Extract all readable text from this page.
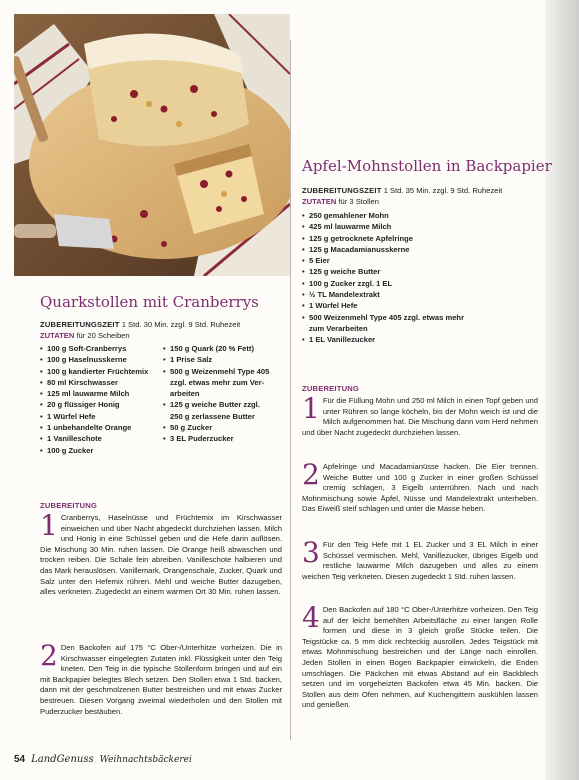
Quarkstollen mit Cranberrys
ZUBEREITUNGSZEIT 1 Std. 30 Min. zzgl. 9 Std. Ruhezeit
ZUTATEN für 20 Scheiben
• 100 g Soft-Cranberrys
• 100 g Haselnusskerne
• 100 g kandierter Früchtemix
• 80 ml Kirschwasser
• 125 ml lauwarme Milch
• 20 g flüssiger Honig
• 1 Würfel Hefe
• 1 unbehandelte Orange
• 1 Vanilleschote
• 100 g Zucker
• 150 g Quark (20 % Fett)
• 1 Prise Salz
• 500 g Weizenmehl Type 405
zzgl. etwas mehr zum Ver-
arbeiten
• 125 g weiche Butter zzgl.
250 g zerlassene Butter
• 50 g Zucker
• 3 EL Puderzucker
ZUBEREITUNG
1 Cranberrys, Haselnüsse und Früchtemix im Kirschwasser einweichen und über Nacht abgedeckt durchziehen lassen. Milch und Honig in eine Schüssel geben und die Hefe darin auflösen. Die Mischung 30 Min. ruhen lassen. Die Orange heiß abwaschen und trocken reiben. Die Schale fein abreiben. Vanilleschote halbieren und das Mark herauslösen. Vanillemark, Orangenschale, Zucker, Quark und Salz unter den Hefemix rühren. Mehl und weiche Butter dazugeben, alles verkneten. Zugedeckt an einem warmen Ort 30 Min. ruhen lassen.
2 Den Backofen auf 175 °C Ober-/Unterhitze vorheizen. Die in Kirschwasser eingelegten Zutaten inkl. Flüssigkeit unter den Teig kneten. Den Teig in die typische Stollenform bringen und auf ein mit Backpapier belegtes Blech setzen. Den Stollen etwa 1 Std. backen, dann mit der geschmolzenen Butter bestreichen und mit etwas Zucker bestreuen. Diesen Vorgang zweimal wiederholen und den Stollen mit Puderzucker bestäuben.
Apfel-Mohnstollen in Backpapier
ZUBEREITUNGSZEIT 1 Std. 35 Min. zzgl. 9 Std. Ruhezeit
ZUTATEN für 3 Stollen
• 250 gemahlener Mohn
• 425 ml lauwarme Milch
• 125 g getrocknete Apfelringe
• 125 g Macadamianusskerne
• 5 Eier
• 125 g weiche Butter
• 100 g Zucker zzgl. 1 EL
• ½ TL Mandelextrakt
• 1 Würfel Hefe
• 500 Weizenmehl Type 405 zzgl. etwas mehr
zum Verarbeiten
• 1 EL Vanillezucker
ZUBEREITUNG
1 Für die Füllung Mohn und 250 ml Milch in einen Topf geben und unter Rühren so lange köcheln, bis der Mohn weich ist und die Milch aufgenommen hat. Die Mischung dann vom Herd nehmen und über Nacht zugedeckt durchziehen lassen.
2 Apfelringe und Macadamianüsse hacken. Die Eier trennen. Weiche Butter und 100 g Zucker in einer großen Schüssel cremig schlagen, 3 Eigelb unterrühren. Nach und nach Mohnmischung sowie Äpfel, Nüsse und Mandelextrakt unterheben. Das Eiweiß steif schlagen und unter die Masse heben.
3 Für den Teig Hefe mit 1 EL Zucker und 3 EL Milch in einer Schüssel vermischen. Mehl, Vanillezucker, übriges Eigelb und restliche lauwarme Milch dazugeben und alles zu einem weichen Teig verkneten. Diesen zugedeckt 1 Std. ruhen lassen.
4 Den Backofen auf 180 °C Ober-/Unterhitze vorheizen. Den Teig auf der leicht bemehlten Arbeitsfläche zu einer langen Rolle formen und diese in 3 gleich große Stücke teilen. Die Teigstücke ca. 5 mm dick rechteckig ausrollen. Jedes Teigstück mit etwas Mohnmischung bestreichen und der Länge nach einrollen. Jeden Stollen in einen Bogen Backpapier einwickeln, die Enden umschlagen. Die Päckchen mit etwas Abstand auf ein Backblech setzen und im vorgeheizten Backofen etwa 45 Min. backen. Die Stollen aus dem Ofen nehmen, auf Kuchengittern auskühlen lassen und genießen.
54 LandGenuss Weihnachtsbäckerei
